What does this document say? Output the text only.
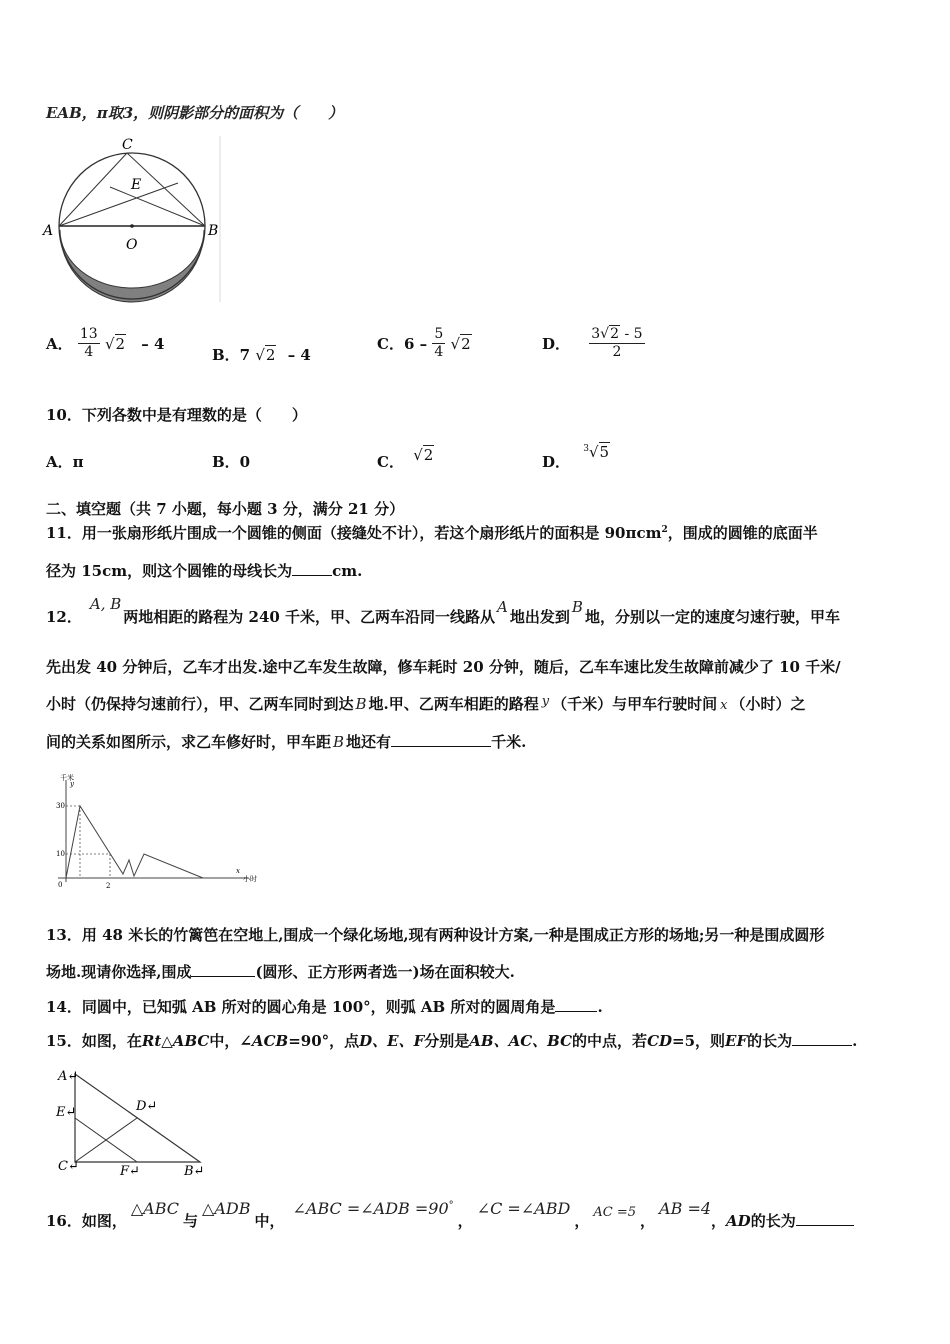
EAB，π取3，则阴影部分的面积为（　　）
C
E
A
O
B
A． $\frac{13}{4} √2 - 4$
B．7 √2 – 4
C．$6 - \frac{5}{4} √2$	D． $\frac{3√2 - 5}{2}$
10．下列各数中是有理数的是（　　）
A．π	B．0	C． √2	D． $^3$√5
二、填空题（共 7 小题，每小题 3 分，满分 21 分）
11．用一张扇形纸片围成一个圆锥的侧面（接缝处不计），若这个扇形纸片的面积是 90πcm$^2$，围成的圆锥的底面半
径为 15cm，则这个圆锥的母线长为	cm.
12．A, B两地相距的路程为 240 千米，甲、乙两车沿同一线路从A地出发到B地，分别以一定的速度匀速行驶，甲车
先出发 40 分钟后，乙车才出发.途中乙车发生故障，修车耗时 20 分钟，随后，乙车车速比发生故障前减少了 10 千米/
小时（仍保持匀速前行），甲、乙两车同时到达 B 地.甲、乙两车相距的路程 y （千米）与甲车行驶时间 x （小时）之
间的关系如图所示，求乙车修好时，甲车距 B 地还有	千米.
千米
y
x
小时
30
10
0	2
13．用 48 米长的竹篱笆在空地上,围成一个绿化场地,现有两种设计方案,一种是围成正方形的场地;另一种是围成圆形
场地.现请你选择,围成	(圆形、正方形两者选一)场在面积较大.
14．同圆中，已知弧 AB 所对的圆心角是 100°，则弧 AB 所对的圆周角是	.
15．如图，在Rt△ABC中，∠ACB=90°，点D、E、F分别是AB、AC、BC的中点，若CD=5，则EF的长为	.
A↵
E↵	D↵
C↵	F↵	B↵
16．如图，△ABC与△ADB中，∠ABC =∠ADB =90°，∠C =∠ABD， AC =5 ，AB =4，AD的长为
